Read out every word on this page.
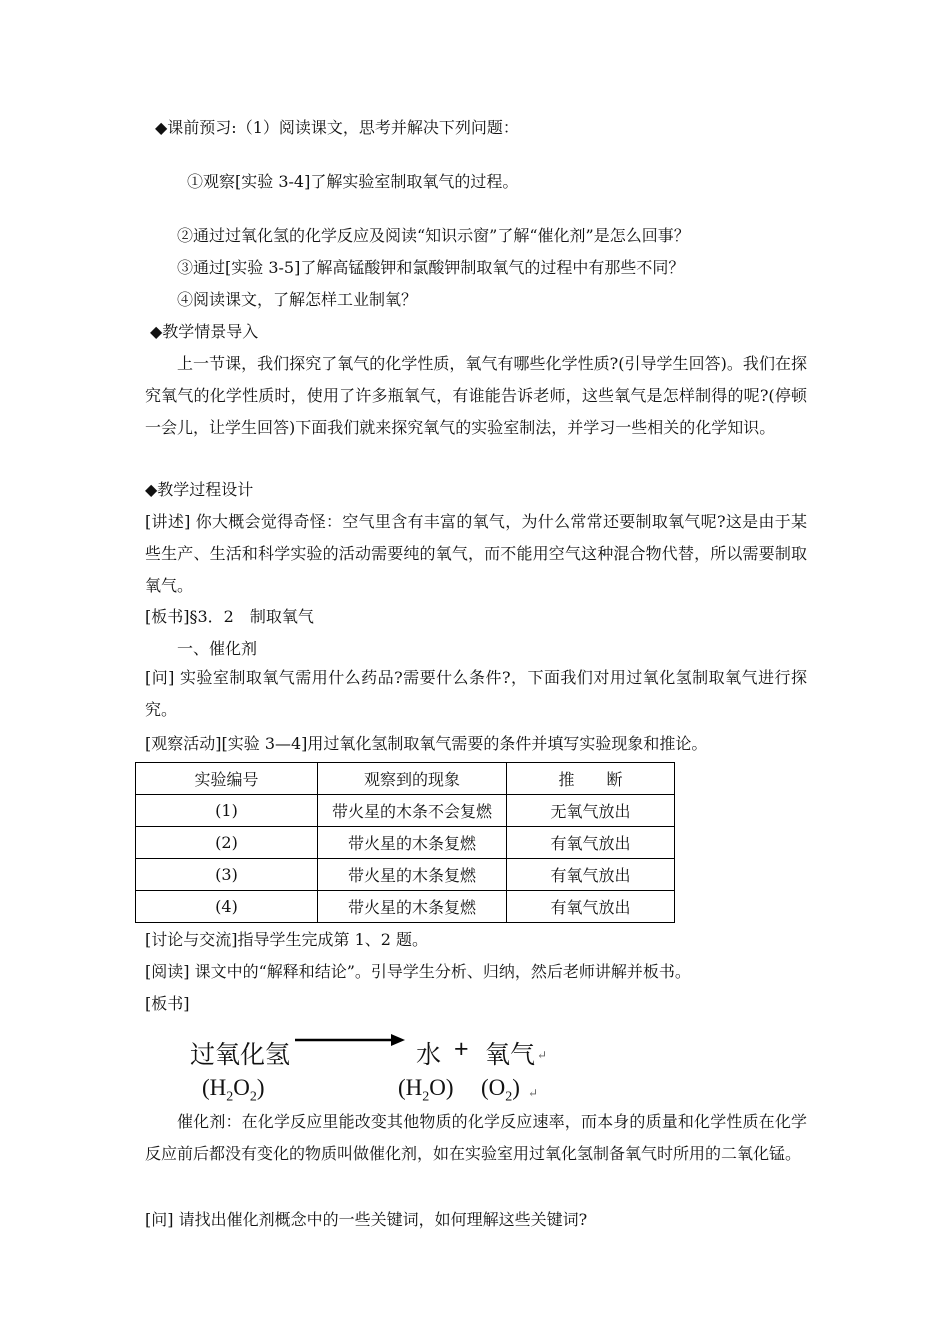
◆课前预习:（1）阅读课文，思考并解决下列问题：
①观察[实验 3-4]了解实验室制取氧气的过程。
②通过过氧化氢的化学反应及阅读“知识示窗”了解“催化剂”是怎么回事？
③通过[实验 3-5]了解高锰酸钾和氯酸钾制取氧气的过程中有那些不同？
④阅读课文，了解怎样工业制氧？
◆教学情景导入
上一节课，我们探究了氧气的化学性质，氧气有哪些化学性质?(引导学生回答)。我们在探究氧气的化学性质时，使用了许多瓶氧气，有谁能告诉老师，这些氧气是怎样制得的呢?(停顿一会儿，让学生回答)下面我们就来探究氧气的实验室制法，并学习一些相关的化学知识。
◆教学过程设计
[讲述] 你大概会觉得奇怪：空气里含有丰富的氧气，为什么常常还要制取氧气呢?这是由于某些生产、生活和科学实验的活动需要纯的氧气，而不能用空气这种混合物代替，所以需要制取氧气。
[板书]§3．2　制取氧气
一、催化剂
[问] 实验室制取氧气需用什么药品?需要什么条件?，下面我们对用过氧化氢制取氧气进行探究。
[观察活动][实验 3—4]用过氧化氢制取氧气需要的条件并填写实验现象和推论。
实验编号	观察到的现象	推　　断
(1)	带火星的木条不会复燃	无氧气放出
(2)	带火星的木条复燃	有氧气放出
(3)	带火星的木条复燃	有氧气放出
(4)	带火星的木条复燃	有氧气放出
[讨论与交流]指导学生完成第 1、2 题。
[阅读] 课文中的“解释和结论”。引导学生分析、归纳，然后老师讲解并板书。
[板书]
过氧化氢	水 + 氧气 ↵
$(H_2O_2)$	$(H_2O)$ $(O_2)$ ↵
催化剂：在化学反应里能改变其他物质的化学反应速率，而本身的质量和化学性质在化学反应前后都没有变化的物质叫做催化剂，如在实验室用过氧化氢制备氧气时所用的二氧化锰。
[问] 请找出催化剂概念中的一些关键词，如何理解这些关键词?
